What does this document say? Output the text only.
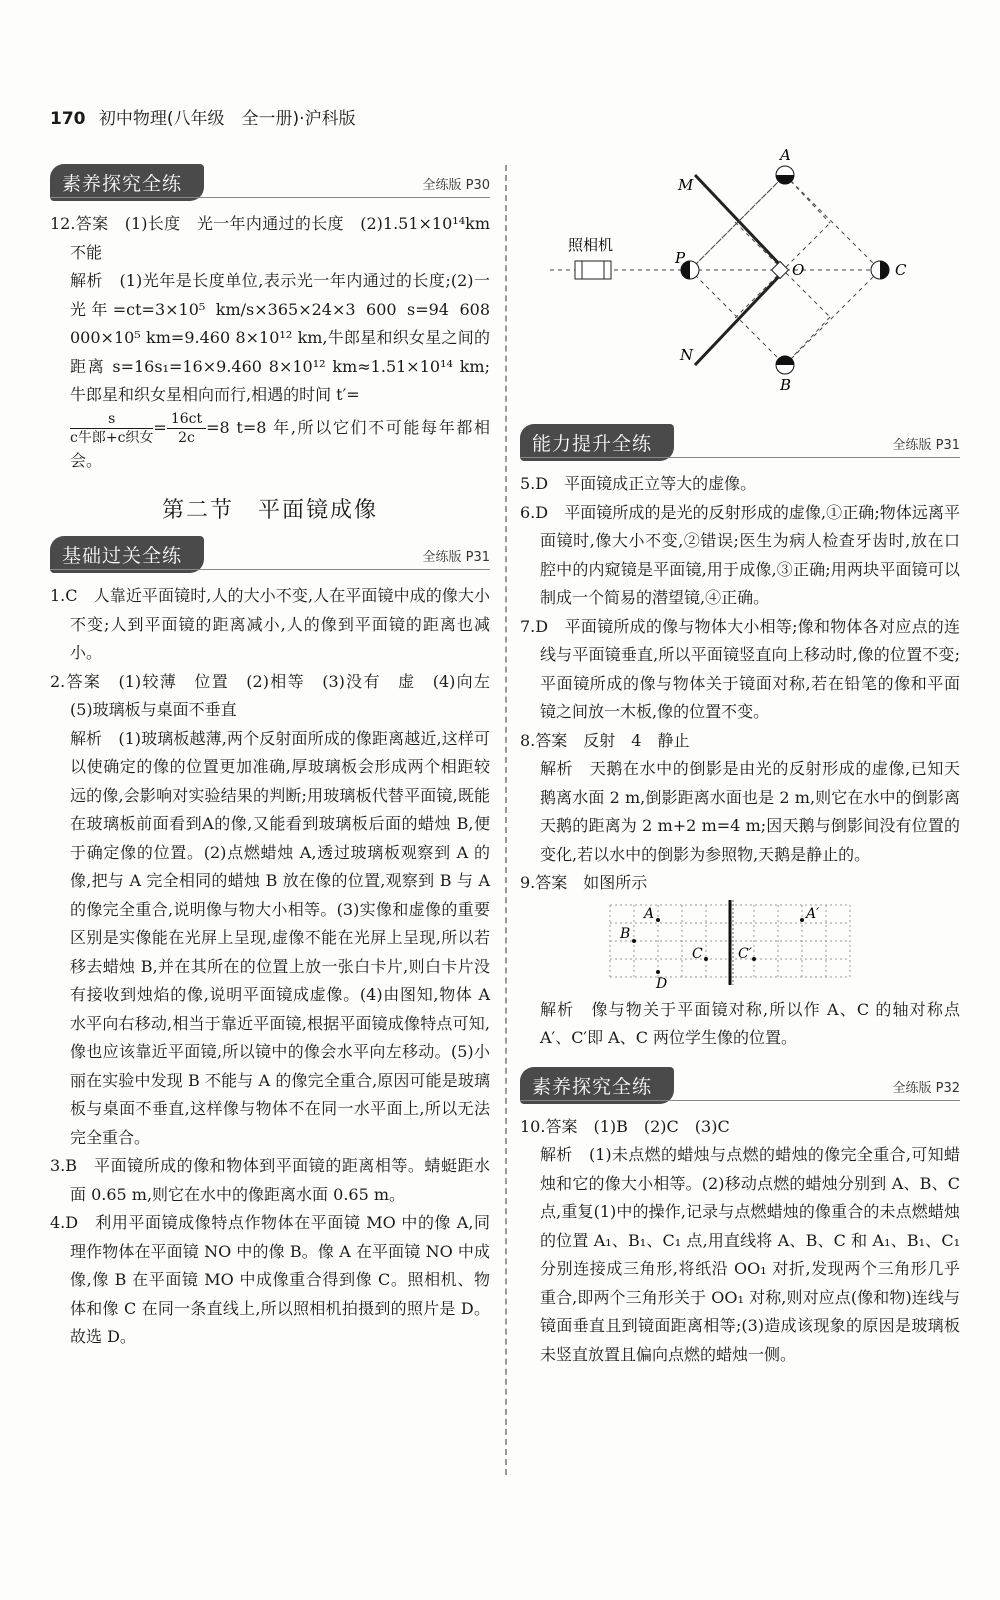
170 初中物理(八年级　全一册)·沪科版
素养探究全练	全练版 P30

12.答案　(1)长度　光一年内通过的长度　(2)1.51×10¹⁴km　不能

解析　(1)光年是长度单位,表示光一年内通过的长度;(2)一光年=ct=3×10⁵ km/s×365×24×3 600 s=94 608 000×10⁵ km=9.460 8×10¹² km,牛郎星和织女星之间的距离 s=16s₁=16×9.460 8×10¹² km≈1.51×10¹⁴ km;牛郎星和织女星相向而行,相遇的时间 t′=

$\frac{s}{\text{c牛郎+c织女}} = \frac{16ct}{2c} =8$ t=8 年,所以它们不可能每年都相会。

第二节　平面镜成像
基础过关全练	全练版 P31

1.C　人靠近平面镜时,人的大小不变,人在平面镜中成的像大小不变;人到平面镜的距离减小,人的像到平面镜的距离也减小。

2.答案　(1)较薄　位置　(2)相等　(3)没有　虚　(4)向左　(5)玻璃板与桌面不垂直

解析　(1)玻璃板越薄,两个反射面所成的像距离越近,这样可以使确定的像的位置更加准确,厚玻璃板会形成两个相距较远的像,会影响对实验结果的判断;用玻璃板代替平面镜,既能在玻璃板前面看到A的像,又能看到玻璃板后面的蜡烛 B,便于确定像的位置。(2)点燃蜡烛 A,透过玻璃板观察到 A 的像,把与 A 完全相同的蜡烛 B 放在像的位置,观察到 B 与 A 的像完全重合,说明像与物大小相等。(3)实像和虚像的重要区别是实像能在光屏上呈现,虚像不能在光屏上呈现,所以若移去蜡烛 B,并在其所在的位置上放一张白卡片,则白卡片没有接收到烛焰的像,说明平面镜成虚像。(4)由图知,物体 A 水平向右移动,相当于靠近平面镜,根据平面镜成像特点可知,像也应该靠近平面镜,所以镜中的像会水平向左移动。(5)小丽在实验中发现 B 不能与 A 的像完全重合,原因可能是玻璃板与桌面不垂直,这样像与物体不在同一水平面上,所以无法完全重合。

3.B　平面镜所成的像和物体到平面镜的距离相等。蜻蜓距水面 0.65 m,则它在水中的像距离水面 0.65 m。

4.D　利用平面镜成像特点作物体在平面镜 MO 中的像 A,同理作物体在平面镜 NO 中的像 B。像 A 在平面镜 NO 中成像,像 B 在平面镜 MO 中成像重合得到像 C。照相机、物体和像 C 在同一条直线上,所以照相机拍摄到的照片是 D。故选 D。

照相机
A
B
C
P
O
M
N
能力提升全练	全练版 P31

5.D　平面镜成正立等大的虚像。

6.D　平面镜所成的是光的反射形成的虚像,①正确;物体远离平面镜时,像大小不变,②错误;医生为病人检查牙齿时,放在口腔中的内窥镜是平面镜,用于成像,③正确;用两块平面镜可以制成一个简易的潜望镜,④正确。

7.D　平面镜所成的像与物体大小相等;像和物体各对应点的连线与平面镜垂直,所以平面镜竖直向上移动时,像的位置不变;平面镜所成的像与物体关于镜面对称,若在铅笔的像和平面镜之间放一木板,像的位置不变。

8.答案　反射　4　静止

解析　天鹅在水中的倒影是由光的反射形成的虚像,已知天鹅离水面 2 m,倒影距离水面也是 2 m,则它在水中的倒影离天鹅的距离为 2 m+2 m=4 m;因天鹅与倒影间没有位置的变化,若以水中的倒影为参照物,天鹅是静止的。

9.答案　如图所示

A
B
C
D
A′
C′

解析　像与物关于平面镜对称,所以作 A、C 的轴对称点 A′、C′即 A、C 两位学生像的位置。

素养探究全练	全练版 P32

10.答案　(1)B　(2)C　(3)C

解析　(1)未点燃的蜡烛与点燃的蜡烛的像完全重合,可知蜡烛和它的像大小相等。(2)移动点燃的蜡烛分别到 A、B、C 点,重复(1)中的操作,记录与点燃蜡烛的像重合的未点燃蜡烛的位置 A₁、B₁、C₁ 点,用直线将 A、B、C 和 A₁、B₁、C₁ 分别连接成三角形,将纸沿 OO₁ 对折,发现两个三角形几乎重合,即两个三角形关于 OO₁ 对称,则对应点(像和物)连线与镜面垂直且到镜面距离相等;(3)造成该现象的原因是玻璃板未竖直放置且偏向点燃的蜡烛一侧。
